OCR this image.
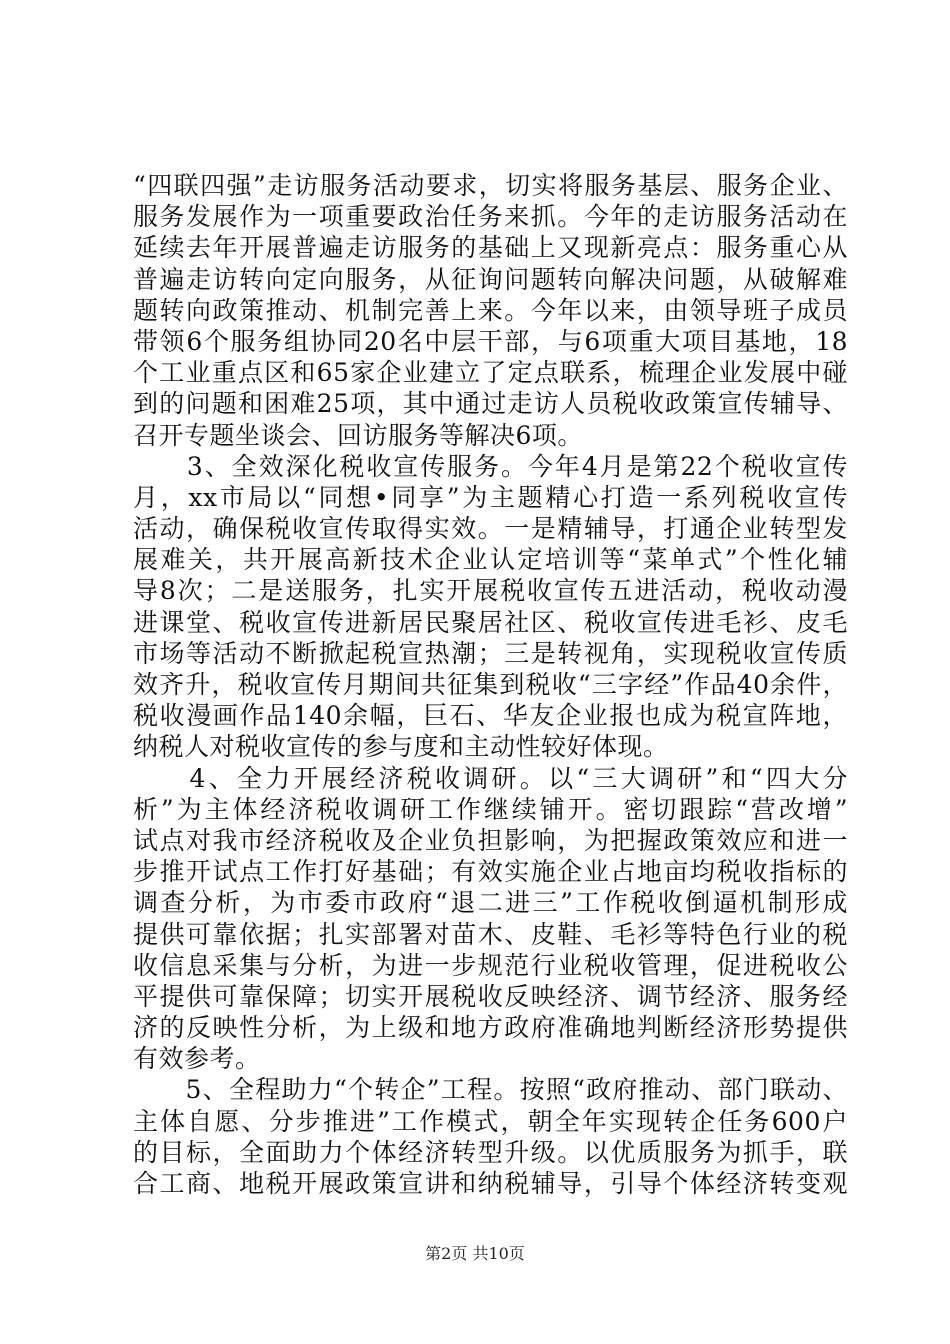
“四联四强”走访服务活动要求，切实将服务基层、服务企业、
服务发展作为一项重要政治任务来抓。今年的走访服务活动在
延续去年开展普遍走访服务的基础上又现新亮点：服务重心从
普遍走访转向定向服务，从征询问题转向解决问题，从破解难
题转向政策推动、机制完善上来。今年以来，由领导班子成员
带领6个服务组协同20名中层干部，与6项重大项目基地，18
个工业重点区和65家企业建立了定点联系，梳理企业发展中碰
到的问题和困难25项，其中通过走访人员税收政策宣传辅导、
召开专题坐谈会、回访服务等解决6项。
　　3、全效深化税收宣传服务。今年4月是第22个税收宣传
月，xx市局以“同想•同享”为主题精心打造一系列税收宣传
活动，确保税收宣传取得实效。一是精辅导，打通企业转型发
展难关，共开展高新技术企业认定培训等“菜单式”个性化辅
导8次；二是送服务，扎实开展税收宣传五进活动，税收动漫
进课堂、税收宣传进新居民聚居社区、税收宣传进毛衫、皮毛
市场等活动不断掀起税宣热潮；三是转视角，实现税收宣传质
效齐升，税收宣传月期间共征集到税收“三字经”作品40余件，
税收漫画作品140余幅，巨石、华友企业报也成为税宣阵地，
纳税人对税收宣传的参与度和主动性较好体现。
　　4、全力开展经济税收调研。以“三大调研”和“四大分
析”为主体经济税收调研工作继续铺开。密切跟踪“营改增”
试点对我市经济税收及企业负担影响，为把握政策效应和进一
步推开试点工作打好基础；有效实施企业占地亩均税收指标的
调查分析，为市委市政府“退二进三”工作税收倒逼机制形成
提供可靠依据；扎实部署对苗木、皮鞋、毛衫等特色行业的税
收信息采集与分析，为进一步规范行业税收管理，促进税收公
平提供可靠保障；切实开展税收反映经济、调节经济、服务经
济的反映性分析，为上级和地方政府准确地判断经济形势提供
有效参考。
　　5、全程助力“个转企”工程。按照“政府推动、部门联动、
主体自愿、分步推进”工作模式，朝全年实现转企任务600户
的目标，全面助力个体经济转型升级。以优质服务为抓手，联
合工商、地税开展政策宣讲和纳税辅导，引导个体经济转变观
第2页 共10页
